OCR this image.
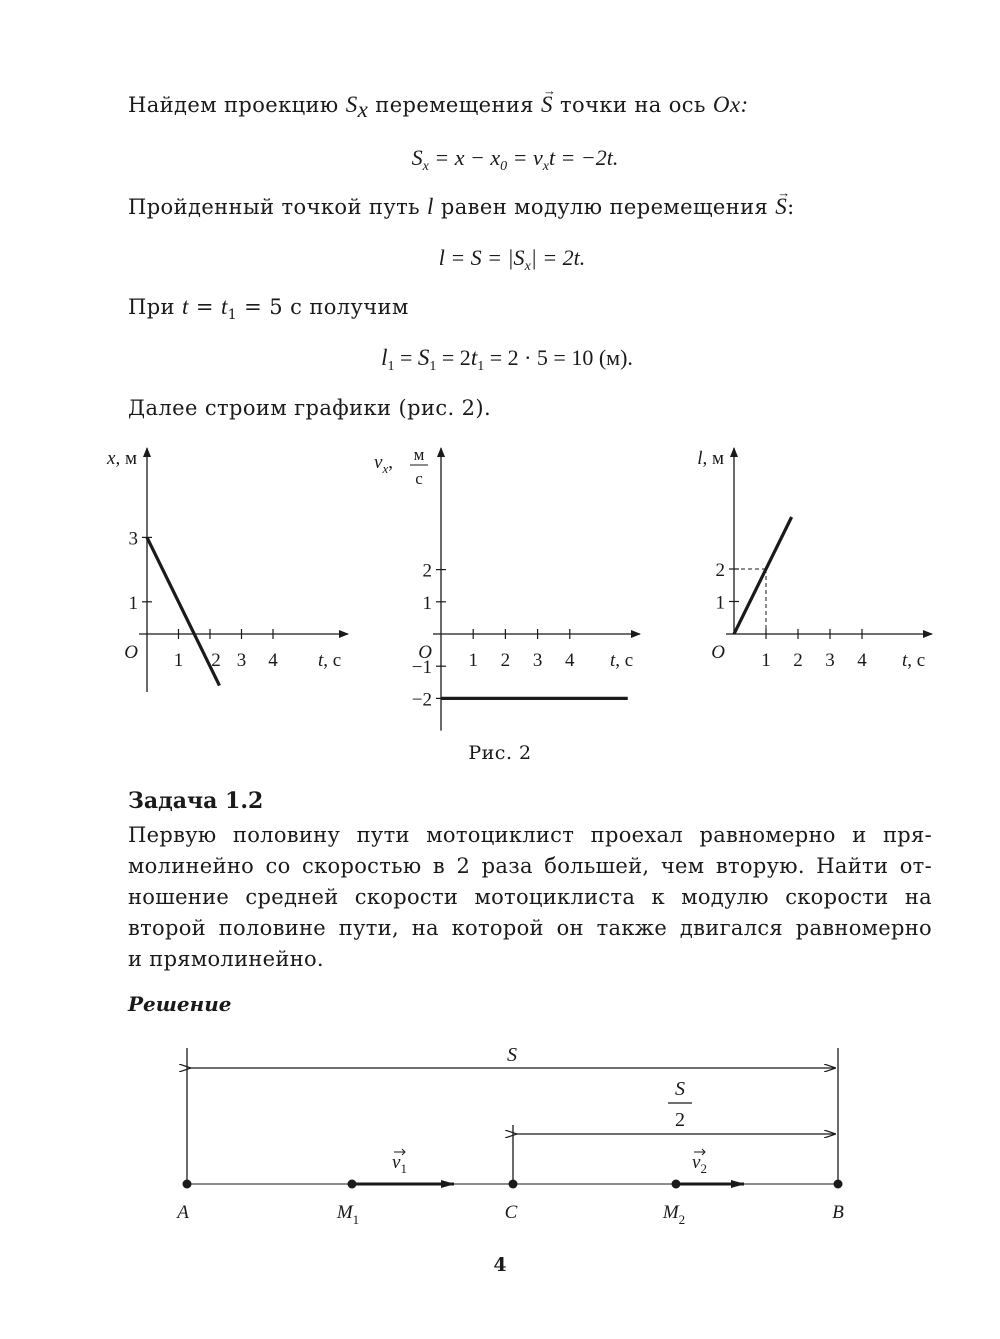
Найдем проекцию $S_x$ перемещения → S точки на ось Ox:
$S_x = x - x_0 = v_xt = -2t$.
Пройденный точкой путь l равен модулю перемещения → S:
$l = S = |S_x| = 2t$.
При $t = t_1 = 5$ с получим
$l_1 = S_1 = 2t_1 = 2 \cdot 5 = 10$ (м).
Далее строим графики (рис. 2).
1 2 3 4
1
3
O	t, с
x, м
1 2 3 4
−2
−1
1
2
O	t, с
$v_x$, м
с
1 2 3 4
1
2
O	t, с
l, м
Рис. 2
Задача 1.2
Первую половину пути мотоциклист проехал равномерно и пря-
молинейно со скоростью в 2 раза большей, чем вторую. Найти от-
ношение средней скорости мотоциклиста к модулю скорости на
второй половине пути, на которой он также двигался равномерно
и прямолинейно.
Решение
S
S
2
$v_1$	$v_2$
A	$M_1$	C	$M_2$	B
4
